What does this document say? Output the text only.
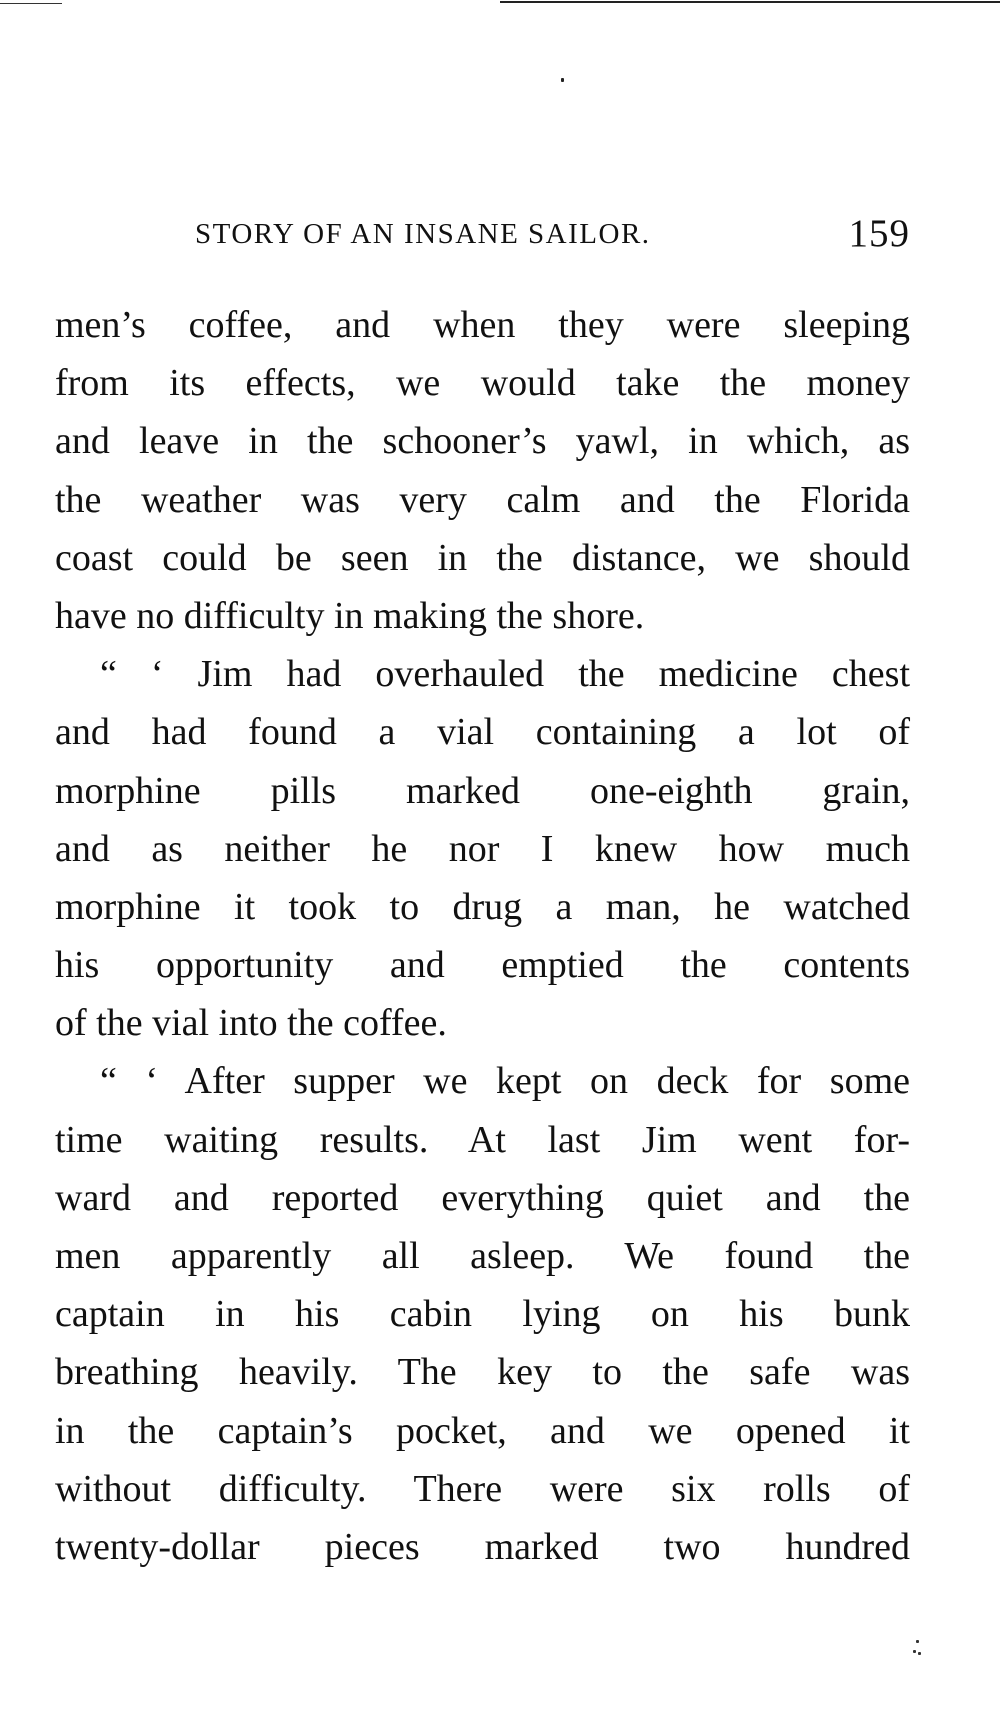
STORY OF AN INSANE SAILOR.	159
men’s coffee, and when they were sleeping
from its effects, we would take the money
and leave in the schooner’s yawl, in which, as
the weather was very calm and the Florida
coast could be seen in the distance, we should
have no difficulty in making the shore.
“ ‘ Jim had overhauled the medicine chest
and had found a vial containing a lot of
morphine pills marked one-eighth grain,
and as neither he nor I knew how much
morphine it took to drug a man, he watched
his opportunity and emptied the contents
of the vial into the coffee.
“ ‘ After supper we kept on deck for some
time waiting results. At last Jim went for-
ward and reported everything quiet and the
men apparently all asleep. We found the
captain in his cabin lying on his bunk
breathing heavily. The key to the safe was
in the captain’s pocket, and we opened it
without difficulty. There were six rolls of
twenty-dollar pieces marked two hundred
